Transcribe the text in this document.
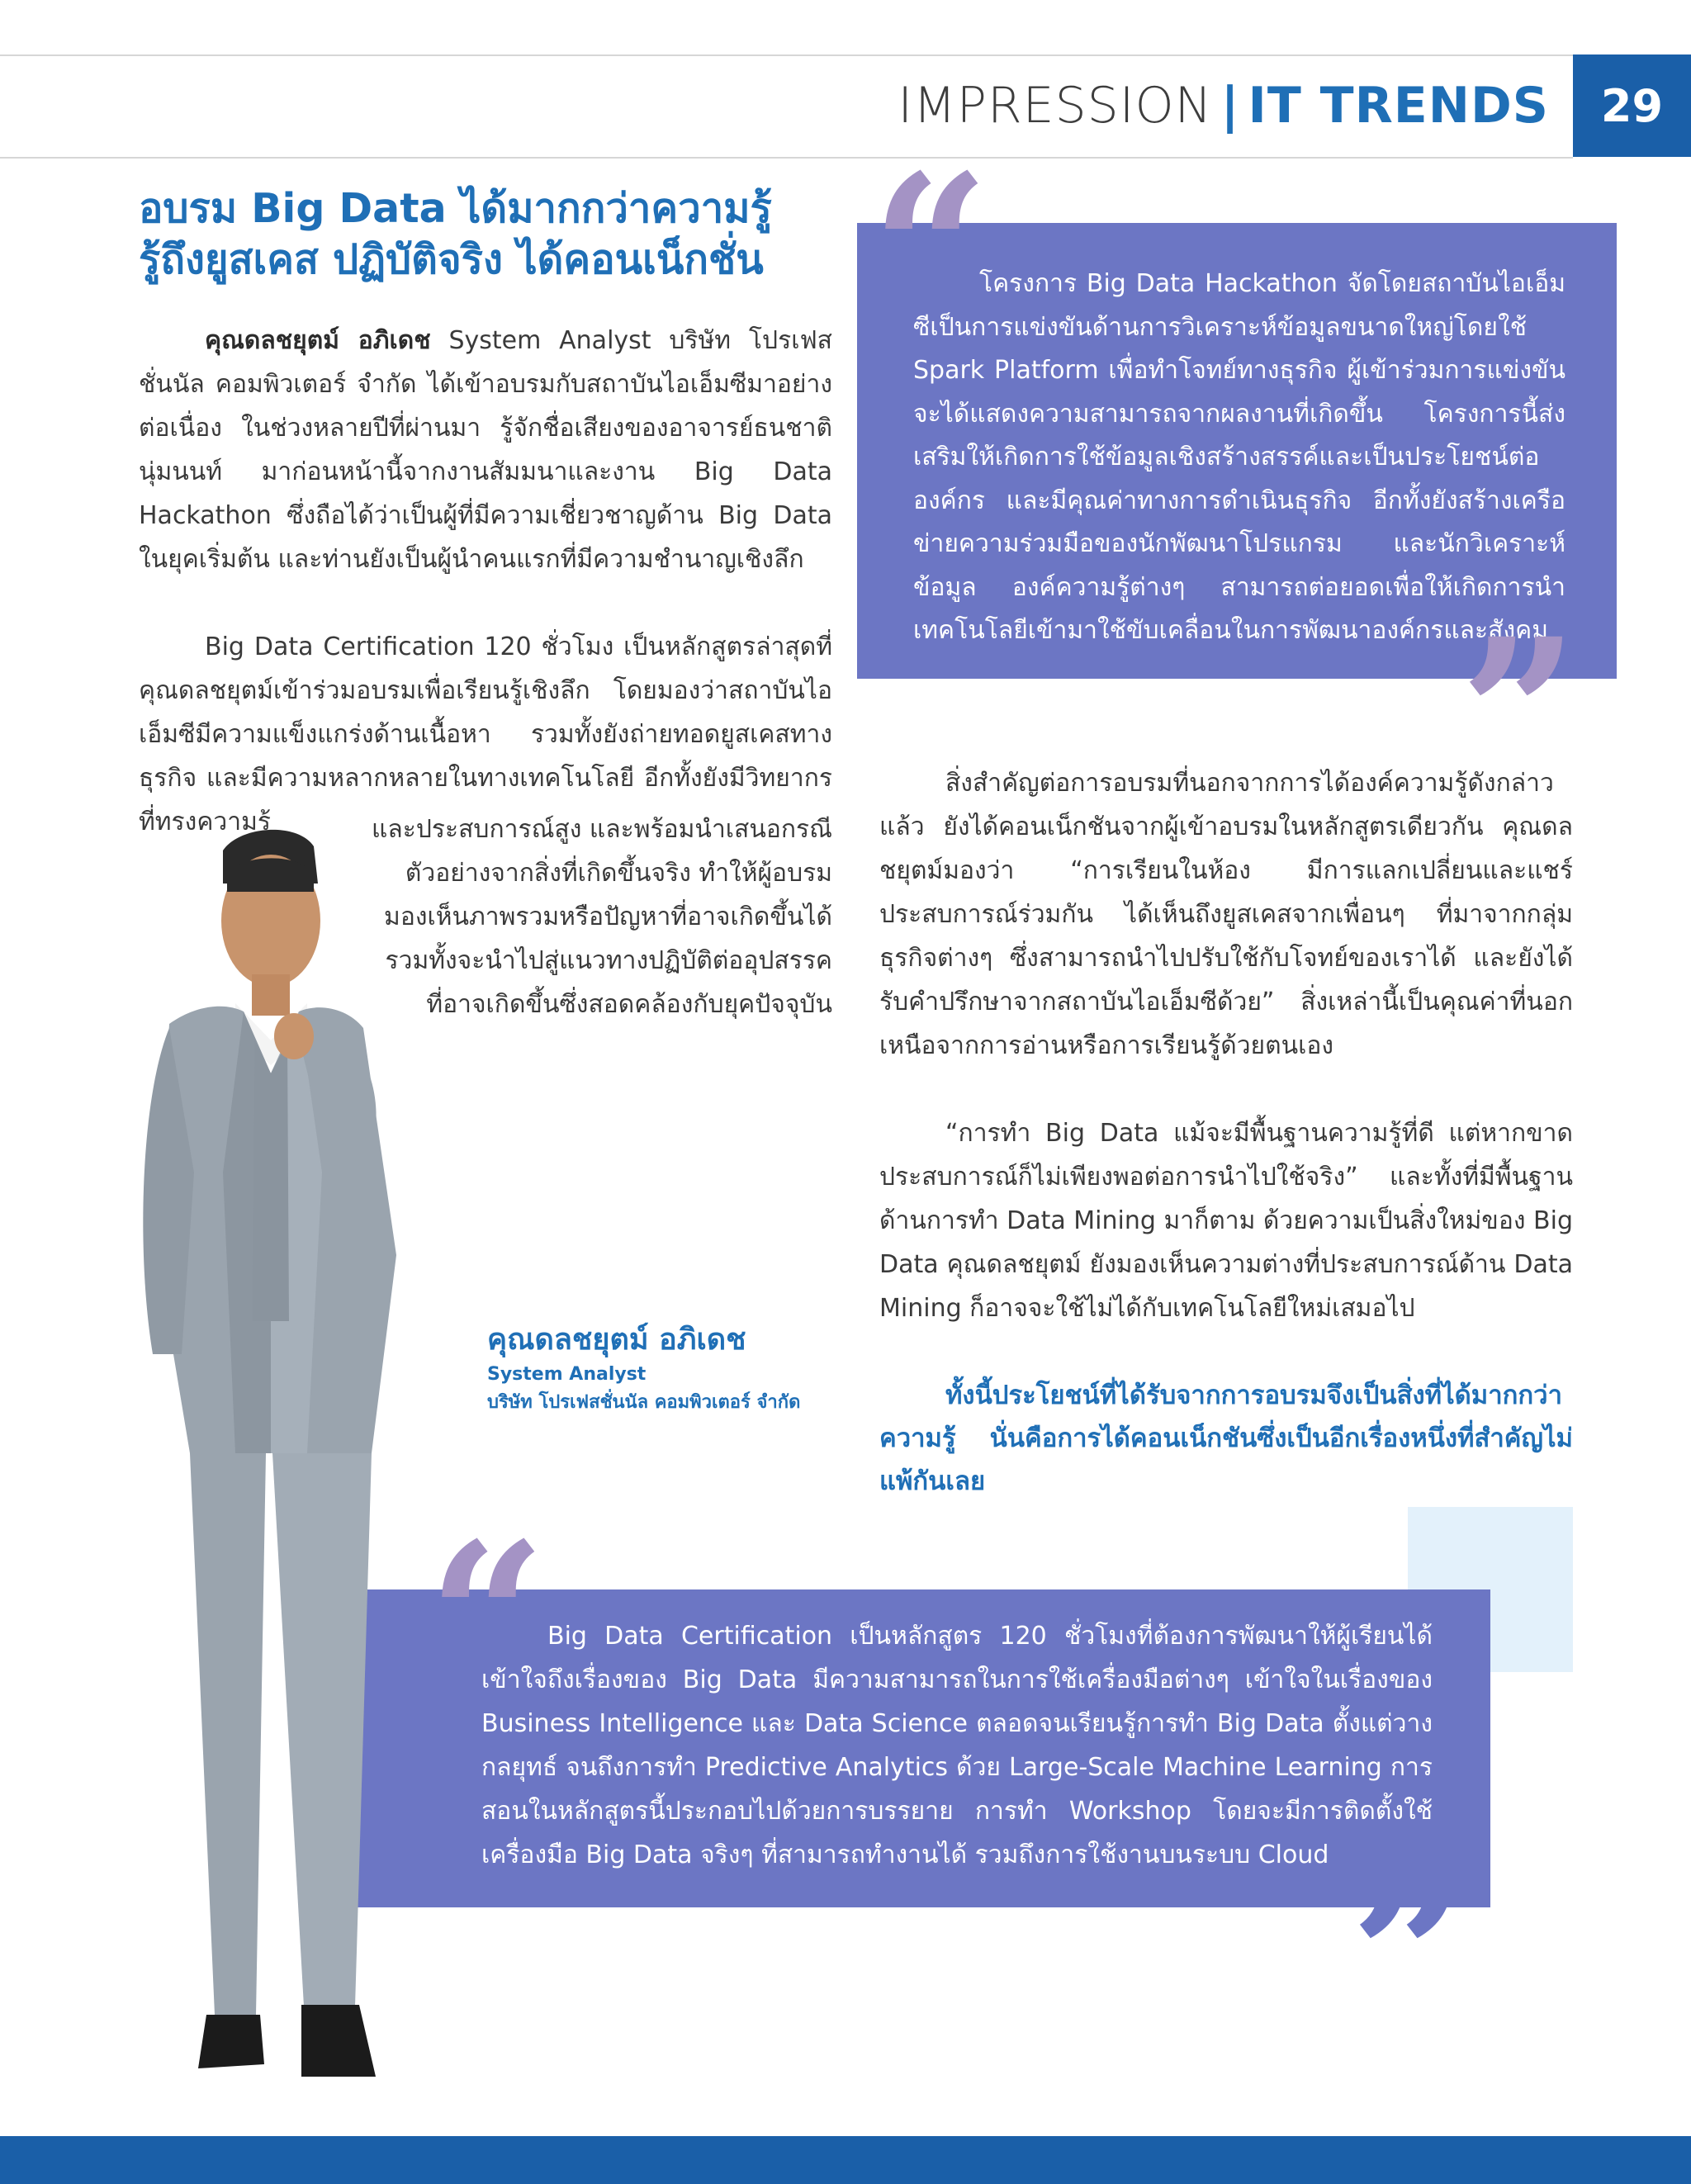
IMPRESSION | IT TRENDS	29
อบรม Big Data ได้มากกว่าความรู้
รู้ถึงยูสเคส ปฏิบัติจริง ได้คอนเน็กชั่น

คุณดลชยุตม์ อภิเดช System Analyst บริษัท โปรเฟสชั่นนัล คอมพิวเตอร์ จำกัด ได้เข้าอบรมกับสถาบันไอเอ็มซีมาอย่างต่อเนื่อง ในช่วงหลายปีที่ผ่านมา รู้จักชื่อเสียงของอาจารย์ธนชาติ นุ่มนนท์ มาก่อนหน้านี้จากงานสัมมนาและงาน Big Data Hackathon ซึ่งถือได้ว่าเป็นผู้ที่มีความเชี่ยวชาญด้าน Big Data ในยุคเริ่มต้น และท่านยังเป็นผู้นำคนแรกที่มีความชำนาญเชิงลึก

Big Data Certification 120 ชั่วโมง เป็นหลักสูตรล่าสุดที่คุณดลชยุตม์เข้าร่วมอบรมเพื่อเรียนรู้เชิงลึก โดยมองว่าสถาบันไอเอ็มซีมีความแข็งแกร่งด้านเนื้อหา รวมทั้งยังถ่ายทอดยูสเคสทางธุรกิจ และมีความหลากหลายในทางเทคโนโลยี อีกทั้งยังมีวิทยากรที่ทรงความรู้	และประสบการณ์สูง และพร้อมนำเสนอกรณี
ตัวอย่างจากสิ่งที่เกิดขึ้นจริง ทำให้ผู้อบรม
มองเห็นภาพรวมหรือปัญหาที่อาจเกิดขึ้นได้
รวมทั้งจะนำไปสู่แนวทางปฏิบัติต่ออุปสรรค
ที่อาจเกิดขึ้นซึ่งสอดคล้องกับยุคปัจจุบัน
โครงการ Big Data Hackathon จัดโดยสถาบันไอเอ็มซีเป็นการแข่งขันด้านการวิเคราะห์ข้อมูลขนาดใหญ่โดยใช้ Spark Platform เพื่อทำโจทย์ทางธุรกิจ ผู้เข้าร่วมการแข่งขันจะได้แสดงความสามารถจากผลงานที่เกิดขึ้น โครงการนี้ส่งเสริมให้เกิดการใช้ข้อมูลเชิงสร้างสรรค์และเป็นประโยชน์ต่อองค์กร และมีคุณค่าทางการดำเนินธุรกิจ อีกทั้งยังสร้างเครือข่ายความร่วมมือของนักพัฒนาโปรแกรม และนักวิเคราะห์ข้อมูล องค์ความรู้ต่างๆ สามารถต่อยอดเพื่อให้เกิดการนำเทคโนโลยีเข้ามาใช้ขับเคลื่อนในการพัฒนาองค์กรและสังคม
“
”

สิ่งสำคัญต่อการอบรมที่นอกจากการได้องค์ความรู้ดังกล่าวแล้ว ยังได้คอนเน็กชันจากผู้เข้าอบรมในหลักสูตรเดียวกัน คุณดลชยุตม์มองว่า “การเรียนในห้อง มีการแลกเปลี่ยนและแชร์ประสบการณ์ร่วมกัน ได้เห็นถึงยูสเคสจากเพื่อนๆ ที่มาจากกลุ่มธุรกิจต่างๆ ซึ่งสามารถนำไปปรับใช้กับโจทย์ของเราได้ และยังได้รับคำปรึกษาจากสถาบันไอเอ็มซีด้วย” สิ่งเหล่านี้เป็นคุณค่าที่นอกเหนือจากการอ่านหรือการเรียนรู้ด้วยตนเอง

“การทำ Big Data แม้จะมีพื้นฐานความรู้ที่ดี แต่หากขาดประสบการณ์ก็ไม่เพียงพอต่อการนำไปใช้จริง” และทั้งที่มีพื้นฐานด้านการทำ Data Mining มาก็ตาม ด้วยความเป็นสิ่งใหม่ของ Big Data คุณดลชยุตม์ ยังมองเห็นความต่างที่ประสบการณ์ด้าน Data Mining ก็อาจจะใช้ไม่ได้กับเทคโนโลยีใหม่เสมอไป

ทั้งนี้ประโยชน์ที่ได้รับจากการอบรมจึงเป็นสิ่งที่ได้มากกว่าความรู้ นั่นคือการได้คอนเน็กชันซึ่งเป็นอีกเรื่องหนึ่งที่สำคัญไม่แพ้กันเลย

Big Data Certification เป็นหลักสูตร 120 ชั่วโมงที่ต้องการพัฒนาให้ผู้เรียนได้เข้าใจถึงเรื่องของ Big Data มีความสามารถในการใช้เครื่องมือต่างๆ เข้าใจในเรื่องของ Business Intelligence และ Data Science ตลอดจนเรียนรู้การทำ Big Data ตั้งแต่วางกลยุทธ์ จนถึงการทำ Predictive Analytics ด้วย Large-Scale Machine Learning การสอนในหลักสูตรนี้ประกอบไปด้วยการบรรยาย การทำ Workshop โดยจะมีการติดตั้งใช้เครื่องมือ Big Data จริงๆ ที่สามารถทำงานได้ รวมถึงการใช้งานบนระบบ Cloud
“
”
คุณดลชยุตม์ อภิเดช
System Analyst
บริษัท โปรเฟสชั่นนัล คอมพิวเตอร์ จำกัด
